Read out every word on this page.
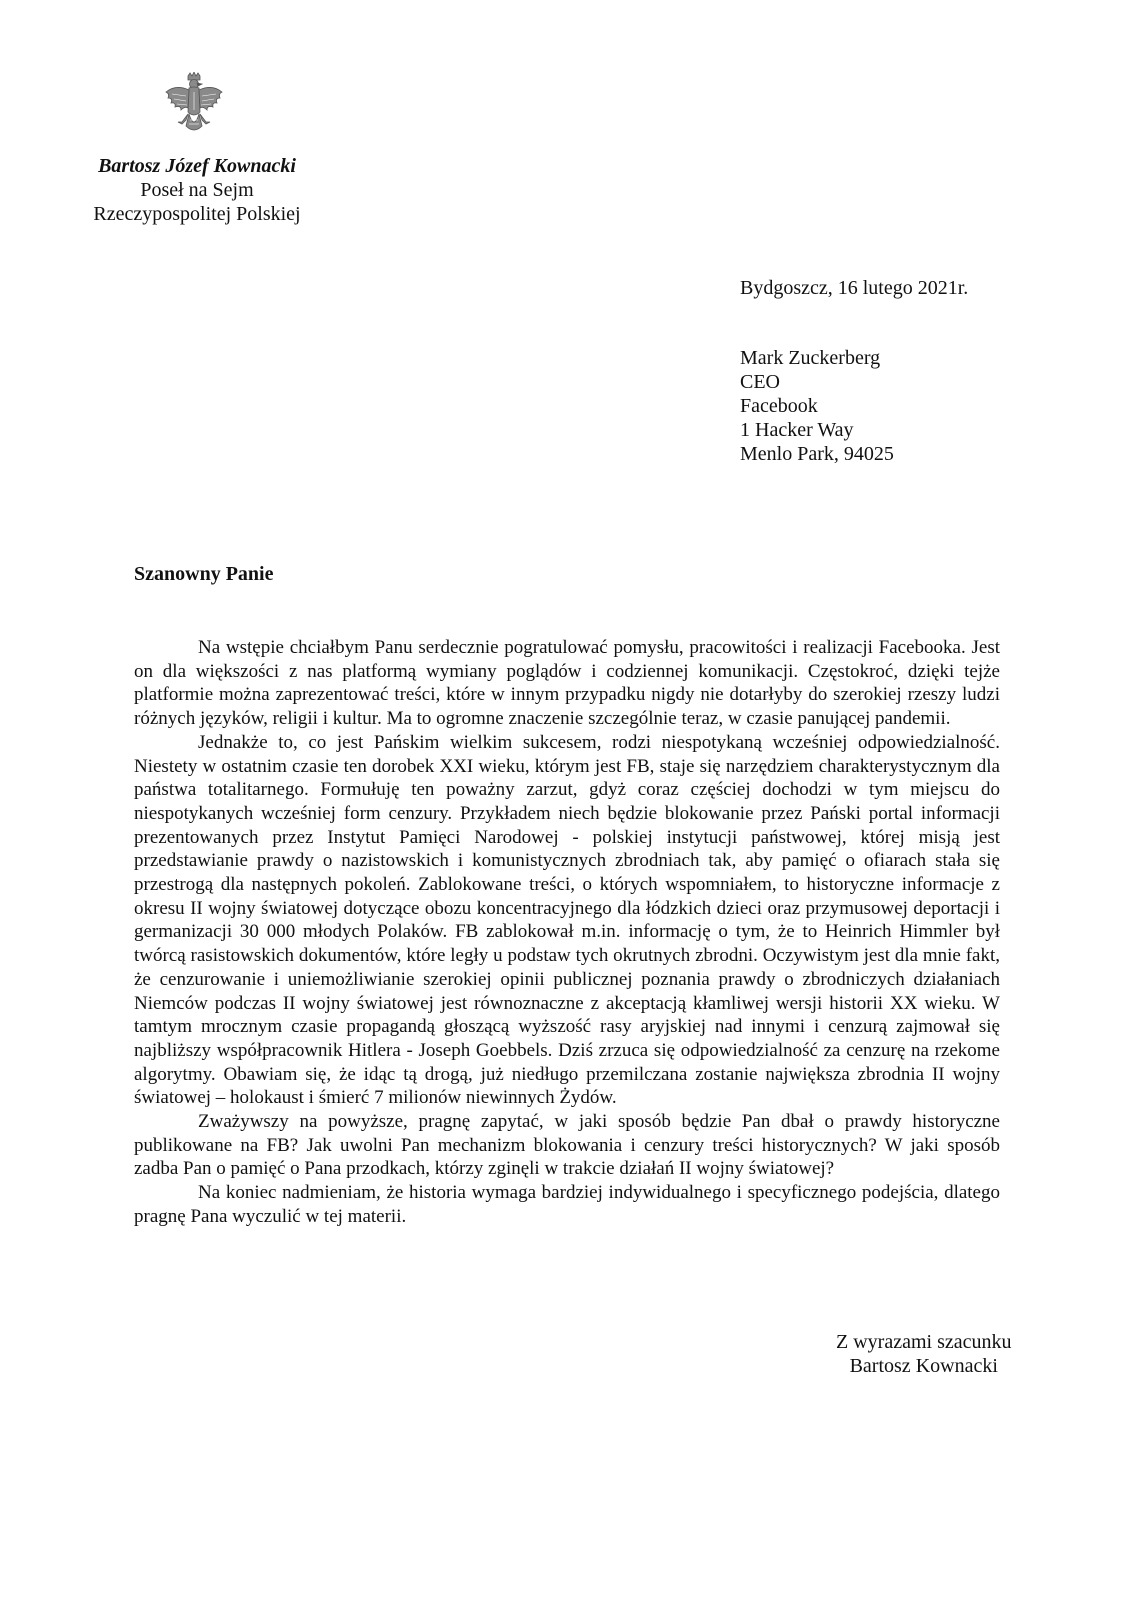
Bartosz Józef Kownacki
Poseł na Sejm
Rzeczypospolitej Polskiej
Bydgoszcz, 16 lutego 2021r.
Mark Zuckerberg
CEO
Facebook
1 Hacker Way
Menlo Park, 94025
Szanowny Panie

Na wstępie chciałbym Panu serdecznie pogratulować pomysłu, pracowitości i realizacji Facebooka. Jest on dla większości z nas platformą wymiany poglądów i codziennej komunikacji. Częstokroć, dzięki tejże platformie można zaprezentować treści, które w innym przypadku nigdy nie dotarłyby do szerokiej rzeszy ludzi różnych języków, religii i kultur. Ma to ogromne znaczenie szczególnie teraz, w czasie panującej pandemii.

Jednakże to, co jest Pańskim wielkim sukcesem, rodzi niespotykaną wcześniej odpowiedzialność. Niestety w ostatnim czasie ten dorobek XXI wieku, którym jest FB, staje się narzędziem charakterystycznym dla państwa totalitarnego. Formułuję ten poważny zarzut, gdyż coraz częściej dochodzi w tym miejscu do niespotykanych wcześniej form cenzury. Przykładem niech będzie blokowanie przez Pański portal informacji prezentowanych przez Instytut Pamięci Narodowej - polskiej instytucji państwowej, której misją jest przedstawianie prawdy o nazistowskich i komunistycznych zbrodniach tak, aby pamięć o ofiarach stała się przestrogą dla następnych pokoleń. Zablokowane treści, o których wspomniałem, to historyczne informacje z okresu II wojny światowej dotyczące obozu koncentracyjnego dla łódzkich dzieci oraz przymusowej deportacji i germanizacji 30 000 młodych Polaków. FB zablokował m.in. informację o tym, że to Heinrich Himmler był twórcą rasistowskich dokumentów, które legły u podstaw tych okrutnych zbrodni. Oczywistym jest dla mnie fakt, że cenzurowanie i uniemożliwianie szerokiej opinii publicznej poznania prawdy o zbrodniczych działaniach Niemców podczas II wojny światowej jest równoznaczne z akceptacją kłamliwej wersji historii XX wieku. W tamtym mrocznym czasie propagandą głoszącą wyższość rasy aryjskiej nad innymi i cenzurą zajmował się najbliższy współpracownik Hitlera - Joseph Goebbels. Dziś zrzuca się odpowiedzialność za cenzurę na rzekome algorytmy. Obawiam się, że idąc tą drogą, już niedługo przemilczana zostanie największa zbrodnia II wojny światowej – holokaust i śmierć 7 milionów niewinnych Żydów.

Zważywszy na powyższe, pragnę zapytać, w jaki sposób będzie Pan dbał o prawdy historyczne publikowane na FB? Jak uwolni Pan mechanizm blokowania i cenzury treści historycznych? W jaki sposób zadba Pan o pamięć o Pana przodkach, którzy zginęli w trakcie działań II wojny światowej?

Na koniec nadmieniam, że historia wymaga bardziej indywidualnego i specyficznego podejścia, dlatego pragnę Pana wyczulić w tej materii.

Z wyrazami szacunku
Bartosz Kownacki
